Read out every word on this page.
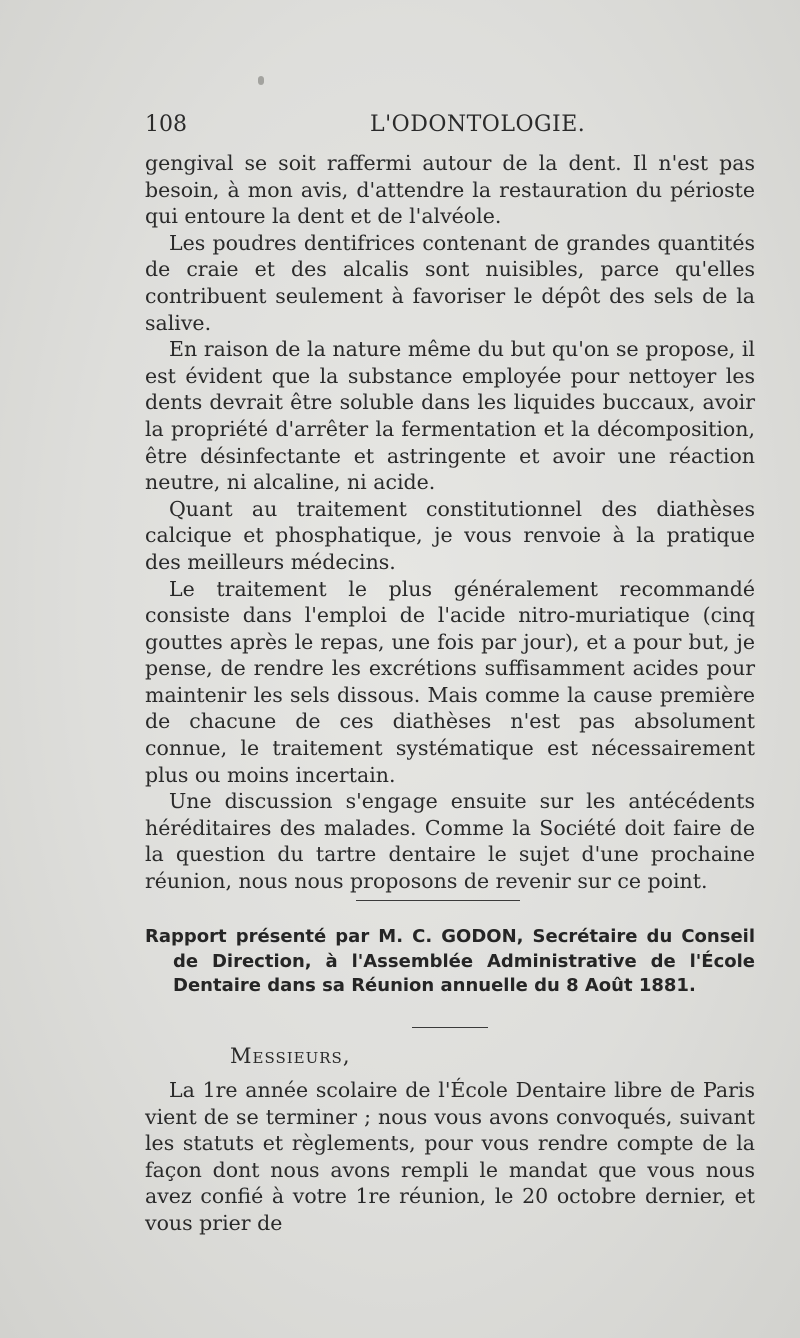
108	L'ODONTOLOGIE.

gengival se soit raffermi autour de la dent. Il n'est pas besoin, à mon avis, d'attendre la restauration du périoste qui entoure la dent et de l'alvéole.

Les poudres dentifrices contenant de grandes quantités de craie et des alcalis sont nuisibles, parce qu'elles contribuent seulement à favoriser le dépôt des sels de la salive.

En raison de la nature même du but qu'on se propose, il est évident que la substance employée pour nettoyer les dents devrait être soluble dans les liquides buccaux, avoir la propriété d'arrêter la fermentation et la décomposition, être désinfectante et astringente et avoir une réaction neutre, ni alcaline, ni acide.

Quant au traitement constitutionnel des diathèses calcique et phosphatique, je vous renvoie à la pratique des meilleurs médecins.

Le traitement le plus généralement recommandé consiste dans l'emploi de l'acide nitro-muriatique (cinq gouttes après le repas, une fois par jour), et a pour but, je pense, de rendre les excrétions suffisamment acides pour maintenir les sels dissous. Mais comme la cause première de chacune de ces diathèses n'est pas absolument connue, le traitement systématique est nécessairement plus ou moins incertain.

Une discussion s'engage ensuite sur les antécédents héréditaires des malades. Comme la Société doit faire de la question du tartre dentaire le sujet d'une prochaine réunion, nous nous proposons de revenir sur ce point.

Rapport présenté par M. C. GODON, Secrétaire du Conseil de Direction, à l'Assemblée Administrative de l'École Dentaire dans sa Réunion annuelle du 8 Août 1881.
Messieurs,

La 1re année scolaire de l'École Dentaire libre de Paris vient de se terminer ; nous vous avons convoqués, suivant les statuts et règlements, pour vous rendre compte de la façon dont nous avons rempli le mandat que vous nous avez confié à votre 1re réunion, le 20 octobre dernier, et vous prier de
